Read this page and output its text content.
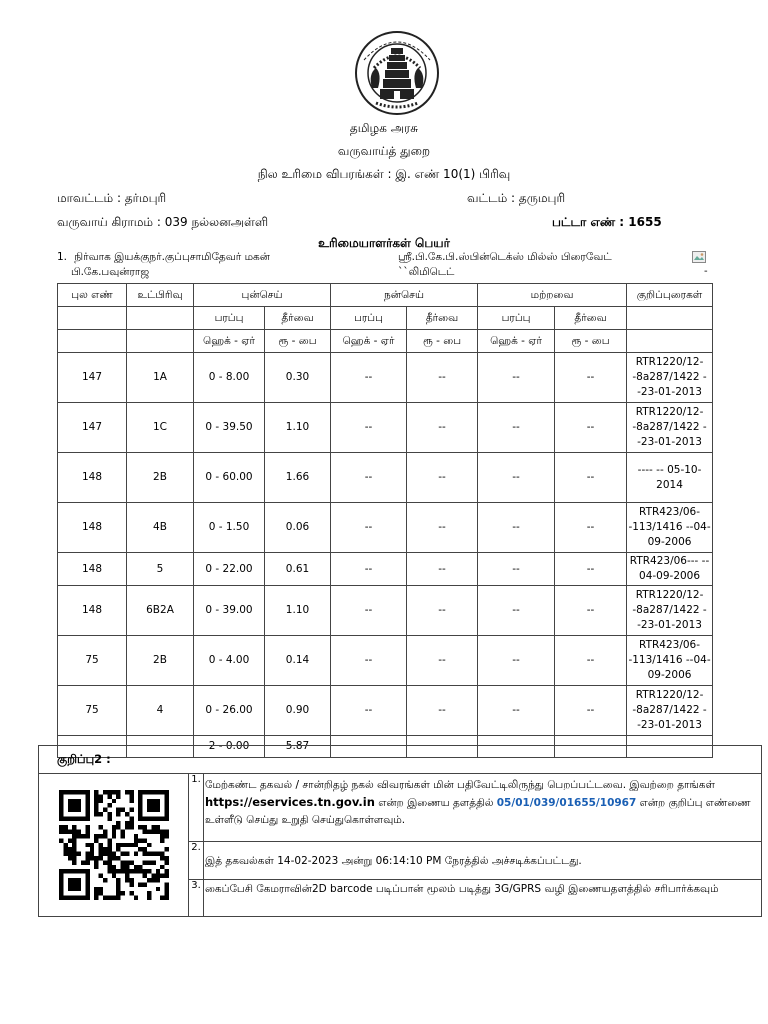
தமிழக அரசு
வருவாய்த் துறை
நில உரிமை விபரங்கள் : இ. எண் 10(1) பிரிவு
மாவட்டம் : தர்மபுரி	வட்டம் : தருமபுரி
வருவாய் கிராமம் : 039 நல்லனஅள்ளி	பட்டா எண் : 1655
உரிமையாளர்கள் பெயர்
1. நிர்வாக இயக்குநர்.குப்புசாமிதேவர் மகன்
பி.கே.பவுன்ராஜ
ஸ்ரீ.பி.கே.பி.ஸ்பின்டெக்ஸ் மில்ஸ் பிரைவேட்
``லிமிடெட்	-
புல எண்	உட்பிரிவு	புன்செய்		நன்செய்		மற்றவை		குறிப்புரைகள்
		பரப்பு	தீர்வை	பரப்பு	தீர்வை	பரப்பு	தீர்வை	
		ஹெக் - ஏர்	ரூ - பை	ஹெக் - ஏர்	ரூ - பை	ஹெக் - ஏர்	ரூ - பை	
147	1A	0 - 8.00	0.30	--	--	--	--	RTR1220/12--8a287/1422 --23-01-2013
147	1C	0 - 39.50	1.10	--	--	--	--	RTR1220/12--8a287/1422 --23-01-2013
148	2B	0 - 60.00	1.66	--	--	--	--	---- -- 05-10-2014
148	4B	0 - 1.50	0.06	--	--	--	--	RTR423/06--113/1416 --04-09-2006
148	5	0 - 22.00	0.61	--	--	--	--	RTR423/06--- -- 04-09-2006
148	6B2A	0 - 39.00	1.10	--	--	--	--	RTR1220/12--8a287/1422 --23-01-2013
75	2B	0 - 4.00	0.14	--	--	--	--	RTR423/06--113/1416 --04-09-2006
75	4	0 - 26.00	0.90	--	--	--	--	RTR1220/12--8a287/1422 --23-01-2013
		2 - 0.00	5.87					
குறிப்பு2 :
1. மேற்கண்ட தகவல் / சான்றிதழ் நகல் விவரங்கள் மின் பதிவேட்டிலிருந்து பெறப்பட்டவை. இவற்றை தாங்கள் https://eservices.tn.gov.in என்ற இணைய தளத்தில் 05/01/039/01655/10967 என்ற குறிப்பு எண்ணை உள்ளீடு செய்து உறுதி செய்துகொள்ளவும்.
2.
இத் தகவல்கள் 14-02-2023 அன்று 06:14:10 PM நேரத்தில் அச்சடிக்கப்பட்டது.
3. கைப்பேசி கேமராவின்2D barcode படிப்பான் மூலம் படித்து 3G/GPRS வழி இணையதளத்தில் சரிபார்க்கவும்
